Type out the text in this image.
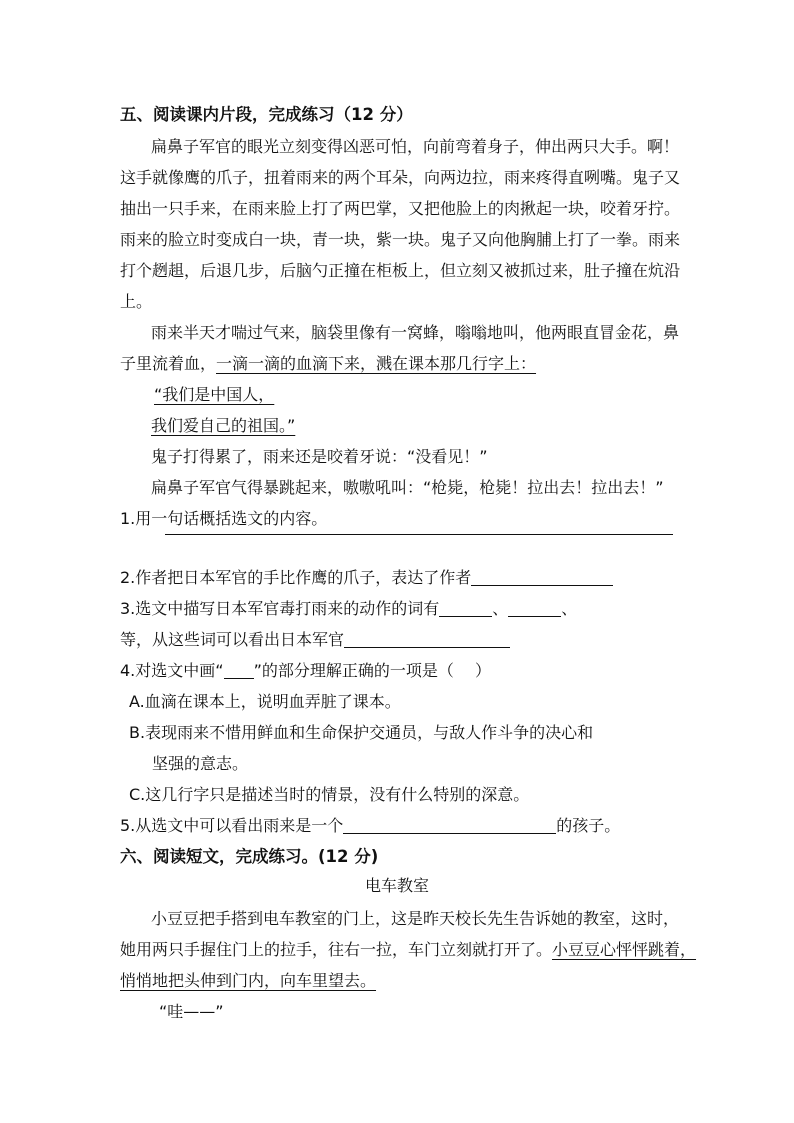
五、阅读课内片段，完成练习（12 分）
扁鼻子军官的眼光立刻变得凶恶可怕，向前弯着身子，伸出两只大手。啊！
这手就像鹰的爪子，扭着雨来的两个耳朵，向两边拉，雨来疼得直咧嘴。鬼子又
抽出一只手来，在雨来脸上打了两巴掌，又把他脸上的肉揪起一块，咬着牙拧。
雨来的脸立时变成白一块，青一块，紫一块。鬼子又向他胸脯上打了一拳。雨来
打个趔趄，后退几步，后脑勺正撞在柜板上，但立刻又被抓过来，肚子撞在炕沿
上。
雨来半天才喘过气来，脑袋里像有一窝蜂，嗡嗡地叫，他两眼直冒金花，鼻
子里流着血，一滴一滴的血滴下来，溅在课本那几行字上：
“我们是中国人，
我们爱自己的祖国。”
鬼子打得累了，雨来还是咬着牙说：“没看见！”
扁鼻子军官气得暴跳起来，嗷嗷吼叫：“枪毙，枪毙！拉出去！拉出去！”
1.用一句话概括选文的内容。
2.作者把日本军官的手比作鹰的爪子，表达了作者
3.选文中描写日本军官毒打雨来的动作的词有	、	、
等，从这些词可以看出日本军官
4.对选文中画“ ”的部分理解正确的一项是（　 ）
A.血滴在课本上，说明血弄脏了课本。
B.表现雨来不惜用鲜血和生命保护交通员，与敌人作斗争的决心和
坚强的意志。
C.这几行字只是描述当时的情景，没有什么特别的深意。
5.从选文中可以看出雨来是一个	的孩子。
六、阅读短文，完成练习。(12 分)
电车教室
小豆豆把手搭到电车教室的门上，这是昨天校长先生告诉她的教室，这时，
她用两只手握住门上的拉手，往右一拉，车门立刻就打开了。小豆豆心怦怦跳着，
悄悄地把头伸到门内，向车里望去。
“哇——”
